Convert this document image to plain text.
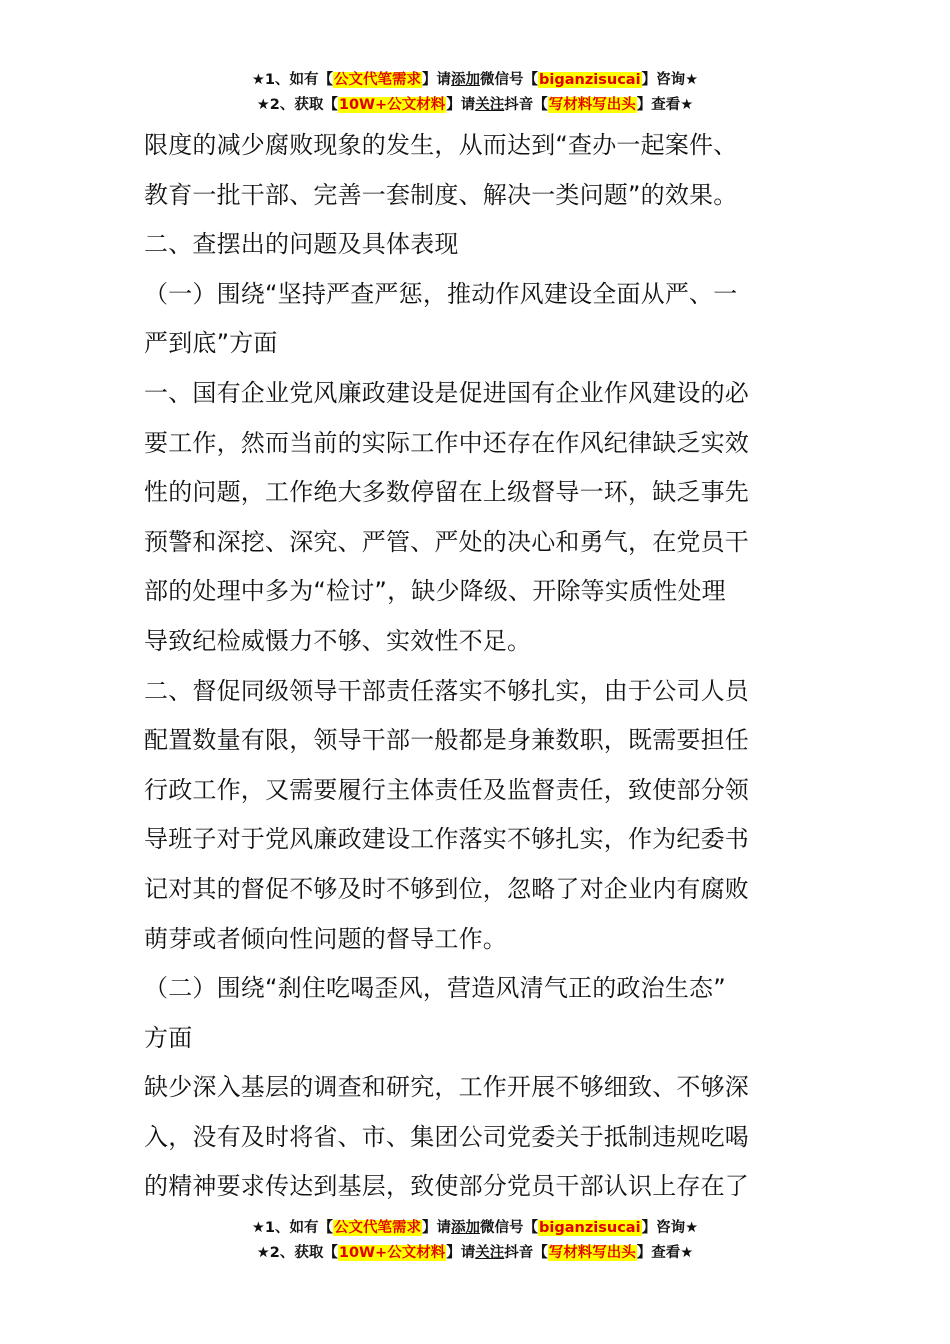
★1、如有【公文代笔需求】请添加微信号【biganzisucai】咨询★
★2、获取【10W+公文材料】请关注抖音【写材料写出头】查看★
限度的减少腐败现象的发生，从而达到“查办一起案件、
教育一批干部、完善一套制度、解决一类问题”的效果。
二、查摆出的问题及具体表现
（一）围绕“坚持严查严惩，推动作风建设全面从严、一
严到底”方面
一、国有企业党风廉政建设是促进国有企业作风建设的必
要工作，然而当前的实际工作中还存在作风纪律缺乏实效
性的问题，工作绝大多数停留在上级督导一环，缺乏事先
预警和深挖、深究、严管、严处的决心和勇气，在党员干
部的处理中多为“检讨”，缺少降级、开除等实质性处理
导致纪检威慑力不够、实效性不足。
二、督促同级领导干部责任落实不够扎实，由于公司人员
配置数量有限，领导干部一般都是身兼数职，既需要担任
行政工作，又需要履行主体责任及监督责任，致使部分领
导班子对于党风廉政建设工作落实不够扎实，作为纪委书
记对其的督促不够及时不够到位，忽略了对企业内有腐败
萌芽或者倾向性问题的督导工作。
（二）围绕“刹住吃喝歪风，营造风清气正的政治生态”
方面
缺少深入基层的调查和研究，工作开展不够细致、不够深
入，没有及时将省、市、集团公司党委关于抵制违规吃喝
的精神要求传达到基层，致使部分党员干部认识上存在了
★1、如有【公文代笔需求】请添加微信号【biganzisucai】咨询★
★2、获取【10W+公文材料】请关注抖音【写材料写出头】查看★
